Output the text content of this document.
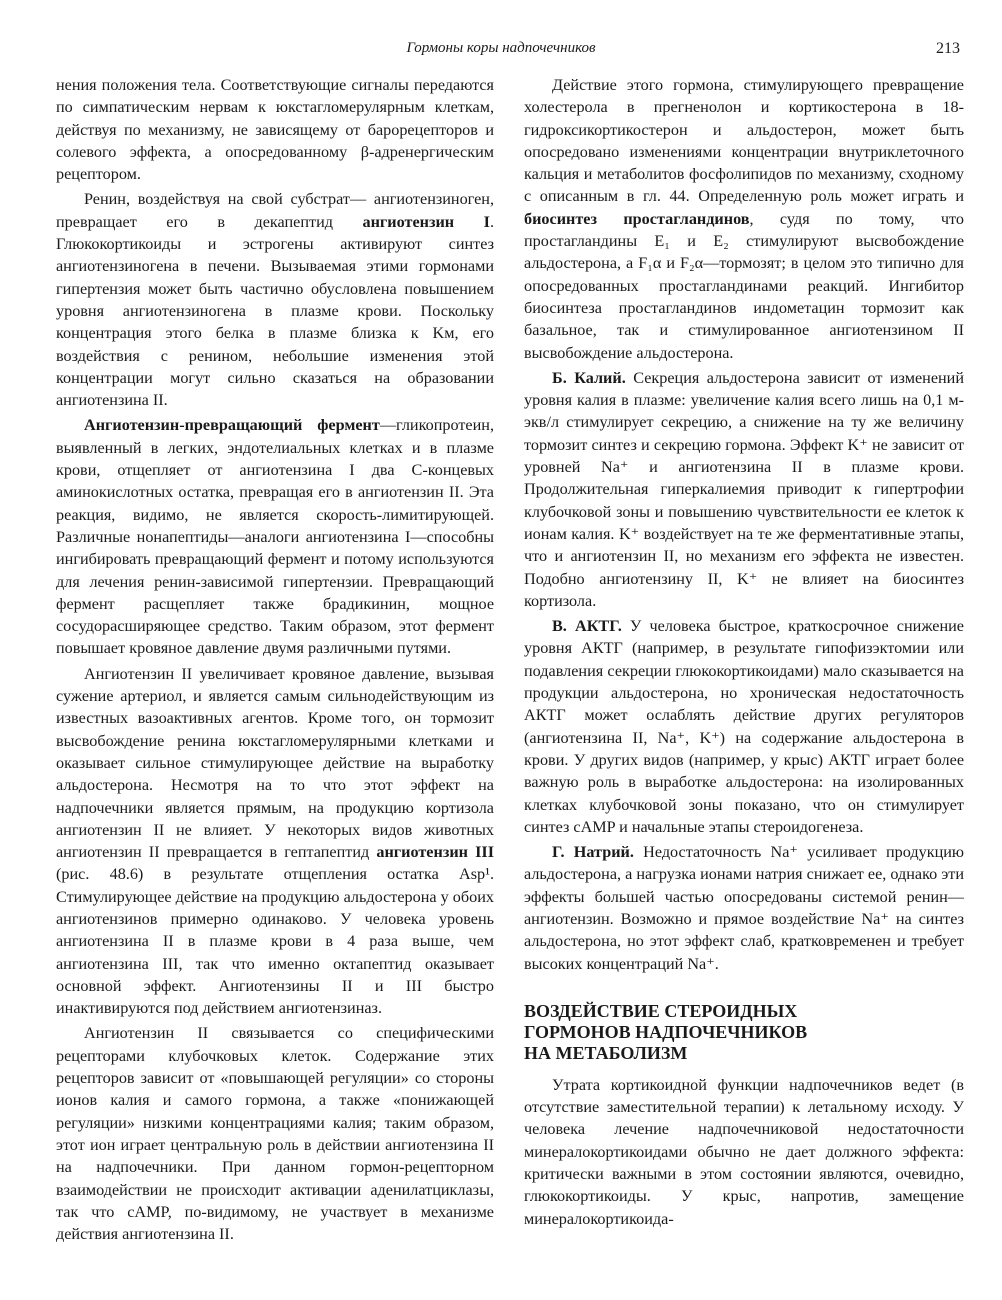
Гормоны коры надпочечников	213

нения положения тела. Соответствующие сигналы передаются по симпатическим нервам к юкстагломерулярным клеткам, действуя по механизму, не зависящему от барорецепторов и солевого эффекта, а опосредованному β-адренергическим рецептором.

Ренин, воздействуя на свой субстрат— ангиотензиноген, превращает его в декапептид ангиотензин I. Глюкокортикоиды и эстрогены активируют синтез ангиотензиногена в печени. Вызываемая этими гормонами гипертензия может быть частично обусловлена повышением уровня ангиотензиногена в плазме крови. Поскольку концентрация этого белка в плазме близка к Kм, его воздействия с ренином, небольшие изменения этой концентрации могут сильно сказаться на образовании ангиотензина II.

Ангиотензин-превращающий фермент—гликопротеин, выявленный в легких, эндотелиальных клетках и в плазме крови, отщепляет от ангиотензина I два С-концевых аминокислотных остатка, превращая его в ангиотензин II. Эта реакция, видимо, не является скорость-лимитирующей. Различные нонапептиды—аналоги ангиотензина I—способны ингибировать превращающий фермент и потому используются для лечения ренин-зависимой гипертензии. Превращающий фермент расщепляет также брадикинин, мощное сосудорасширяющее средство. Таким образом, этот фермент повышает кровяное давление двумя различными путями.

Ангиотензин II увеличивает кровяное давление, вызывая сужение артериол, и является самым сильнодействующим из известных вазоактивных агентов. Кроме того, он тормозит высвобождение ренина юкстагломерулярными клетками и оказывает сильное стимулирующее действие на выработку альдостерона. Несмотря на то что этот эффект на надпочечники является прямым, на продукцию кортизола ангиотензин II не влияет. У некоторых видов животных ангиотензин II превращается в гептапептид ангиотензин III (рис. 48.6) в результате отщепления остатка Asp¹. Стимулирующее действие на продукцию альдостерона у обоих ангиотензинов примерно одинаково. У человека уровень ангиотензина II в плазме крови в 4 раза выше, чем ангиотензина III, так что именно октапептид оказывает основной эффект. Ангиотензины II и III быстро инактивируются под действием ангиотензиназ.

Ангиотензин II связывается со специфическими рецепторами клубочковых клеток. Содержание этих рецепторов зависит от «повышающей регуляции» со стороны ионов калия и самого гормона, а также «понижающей регуляции» низкими концентрациями калия; таким образом, этот ион играет центральную роль в действии ангиотензина II на надпочечники. При данном гормон-рецепторном взаимодействии не происходит активации аденилатциклазы, так что cAMP, по-видимому, не участвует в механизме действия ангиотензина II.

Действие этого гормона, стимулирующего превращение холестерола в прегненолон и кортикостерона в 18-гидроксикортикостерон и альдостерон, может быть опосредовано изменениями концентрации внутриклеточного кальция и метаболитов фосфолипидов по механизму, сходному с описанным в гл. 44. Определенную роль может играть и биосинтез простагландинов, судя по тому, что простагландины E₁ и E₂ стимулируют высвобождение альдостерона, а F₁α и F₂α—тормозят; в целом это типично для опосредованных простагландинами реакций. Ингибитор биосинтеза простагландинов индометацин тормозит как базальное, так и стимулированное ангиотензином II высвобождение альдостерона.

Б. Калий. Секреция альдостерона зависит от изменений уровня калия в плазме: увеличение калия всего лишь на 0,1 м-экв/л стимулирует секрецию, а снижение на ту же величину тормозит синтез и секрецию гормона. Эффект K⁺ не зависит от уровней Na⁺ и ангиотензина II в плазме крови. Продолжительная гиперкалиемия приводит к гипертрофии клубочковой зоны и повышению чувствительности ее клеток к ионам калия. K⁺ воздействует на те же ферментативные этапы, что и ангиотензин II, но механизм его эффекта не известен. Подобно ангиотензину II, K⁺ не влияет на биосинтез кортизола.

В. АКТГ. У человека быстрое, краткосрочное снижение уровня АКТГ (например, в результате гипофизэктомии или подавления секреции глюкокортикоидами) мало сказывается на продукции альдостерона, но хроническая недостаточность АКТГ может ослаблять действие других регуляторов (ангиотензина II, Na⁺, K⁺) на содержание альдостерона в крови. У других видов (например, у крыс) АКТГ играет более важную роль в выработке альдостерона: на изолированных клетках клубочковой зоны показано, что он стимулирует синтез cAMP и начальные этапы стероидогенеза.

Г. Натрий. Недостаточность Na⁺ усиливает продукцию альдостерона, а нагрузка ионами натрия снижает ее, однако эти эффекты большей частью опосредованы системой ренин—ангиотензин. Возможно и прямое воздействие Na⁺ на синтез альдостерона, но этот эффект слаб, кратковременен и требует высоких концентраций Na⁺.

ВОЗДЕЙСТВИЕ СТЕРОИДНЫХ
ГОРМОНОВ НАДПОЧЕЧНИКОВ
НА МЕТАБОЛИЗМ

Утрата кортикоидной функции надпочечников ведет (в отсутствие заместительной терапии) к летальному исходу. У человека лечение надпочечниковой недостаточности минералокортикоидами обычно не дает должного эффекта: критически важными в этом состоянии являются, очевидно, глюкокортикоиды. У крыс, напротив, замещение минералокортикоида-
